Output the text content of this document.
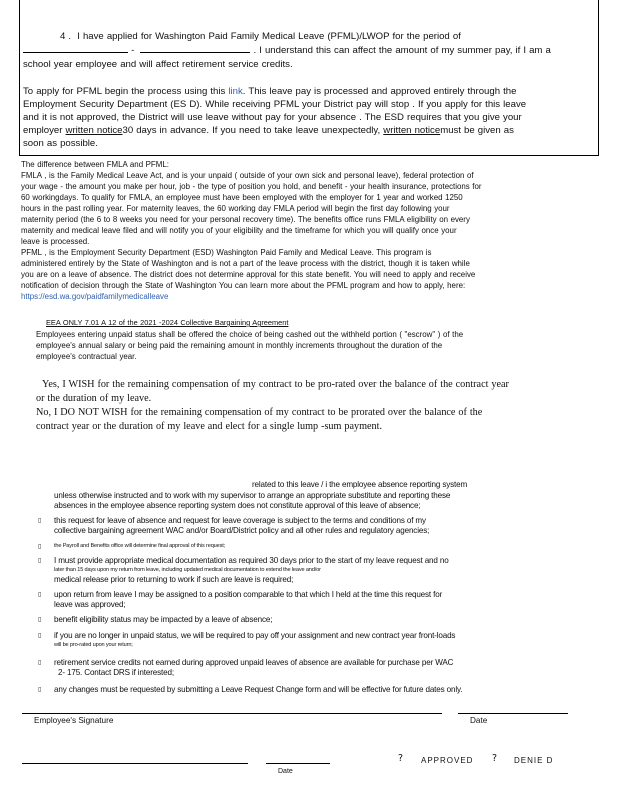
4 . I have applied for Washington Paid Family Medical Leave (PFML)/LWOP for the period of
-	. I understand this can affect the amount of my summer pay, if I am a
school year employee and will affect retirement service credits.
To apply for PFML begin the process using this link. This leave pay is processed and approved entirely through the
Employment Security Department (ES D). While receiving PFML your District pay will stop . If you apply for this leave
and it is not approved, the District will use leave without pay for your absence . The ESD requires that you give your
employer written notice30 days in advance. If you need to take leave unexpectedly, written noticemust be given as
soon as possible.
The difference between FMLA and PFML:
FMLA , is the Family Medical Leave Act, and is your unpaid ( outside of your own sick and personal leave), federal protection of
your wage - the amount you make per hour, job - the type of position you hold, and benefit - your health insurance, protections for
60 workingdays. To qualify for FMLA, an employee must have been employed with the employer for 1 year and worked 1250
hours in the past rolling year. For maternity leaves, the 60 working day FMLA period will begin the first day following your
maternity period (the 6 to 8 weeks you need for your personal recovery time). The benefits office runs FMLA eligibility on every
maternity and medical leave filed and will notify you of your eligibility and the timeframe for which you will qualify once your
leave is processed.
PFML , is the Employment Security Department (ESD) Washington Paid Family and Medical Leave. This program is
administered entirely by the State of Washington and is not a part of the leave process with the district, though it is taken while
you are on a leave of absence. The district does not determine approval for this state benefit. You will need to apply and receive
notification of decision through the State of Washington You can learn more about the PFML program and how to apply, here:
https://esd.wa.gov/paidfamilymedicalleave
EEA ONLY 7.01 A 12 of the 2021 -2024 Collective Bargaining Agreement
Employees entering unpaid status shall be offered the choice of being cashed out the withheld portion ( "escrow" ) of the
employee's annual salary or being paid the remaining amount in monthly increments throughout the duration of the
employee's contractual year.
Yes, I WISH for the remaining compensation of my contract to be pro-rated over the balance of the contract year
or the duration of my leave.
No, I DO NOT WISH for the remaining compensation of my contract to be prorated over the balance of the
contract year or the duration of my leave and elect for a single lump -sum payment.
related to this leave / i the employee absence reporting system
unless otherwise instructed and to work with my supervisor to arrange an appropriate substitute and reporting these
absences in the employee absence reporting system does not constitute approval of this leave of absence;
▯ this request for leave of absence and request for leave coverage is subject to the terms and conditions of my
collective bargaining agreement WAC and/or Board/District policy and all other rules and regulatory agencies;
▯ the Payroll and Benefits office will determine final approval of this request;
▯ I must provide appropriate medical documentation as required 30 days prior to the start of my leave request and no
later than 15 days upon my return from leave, including updated medical documentation to extend the leave and/or
medical release prior to returning to work if such are leave is required;
▯ upon return from leave I may be assigned to a position comparable to that which I held at the time this request for
leave was approved;
▯ benefit eligibility status may be impacted by a leave of absence;
▯ if you are no longer in unpaid status, we will be required to pay off your assignment and new contract year front-loads
will be pro-rated upon your return;
▯ retirement service credits not earned during approved unpaid leaves of absence are available for purchase per WAC
2- 175. Contact DRS if interested;
▯ any changes must be requested by submitting a Leave Request Change form and will be effective for future dates only.
Employee's Signature	Date
Date
? APPROVED ? DENIE D
